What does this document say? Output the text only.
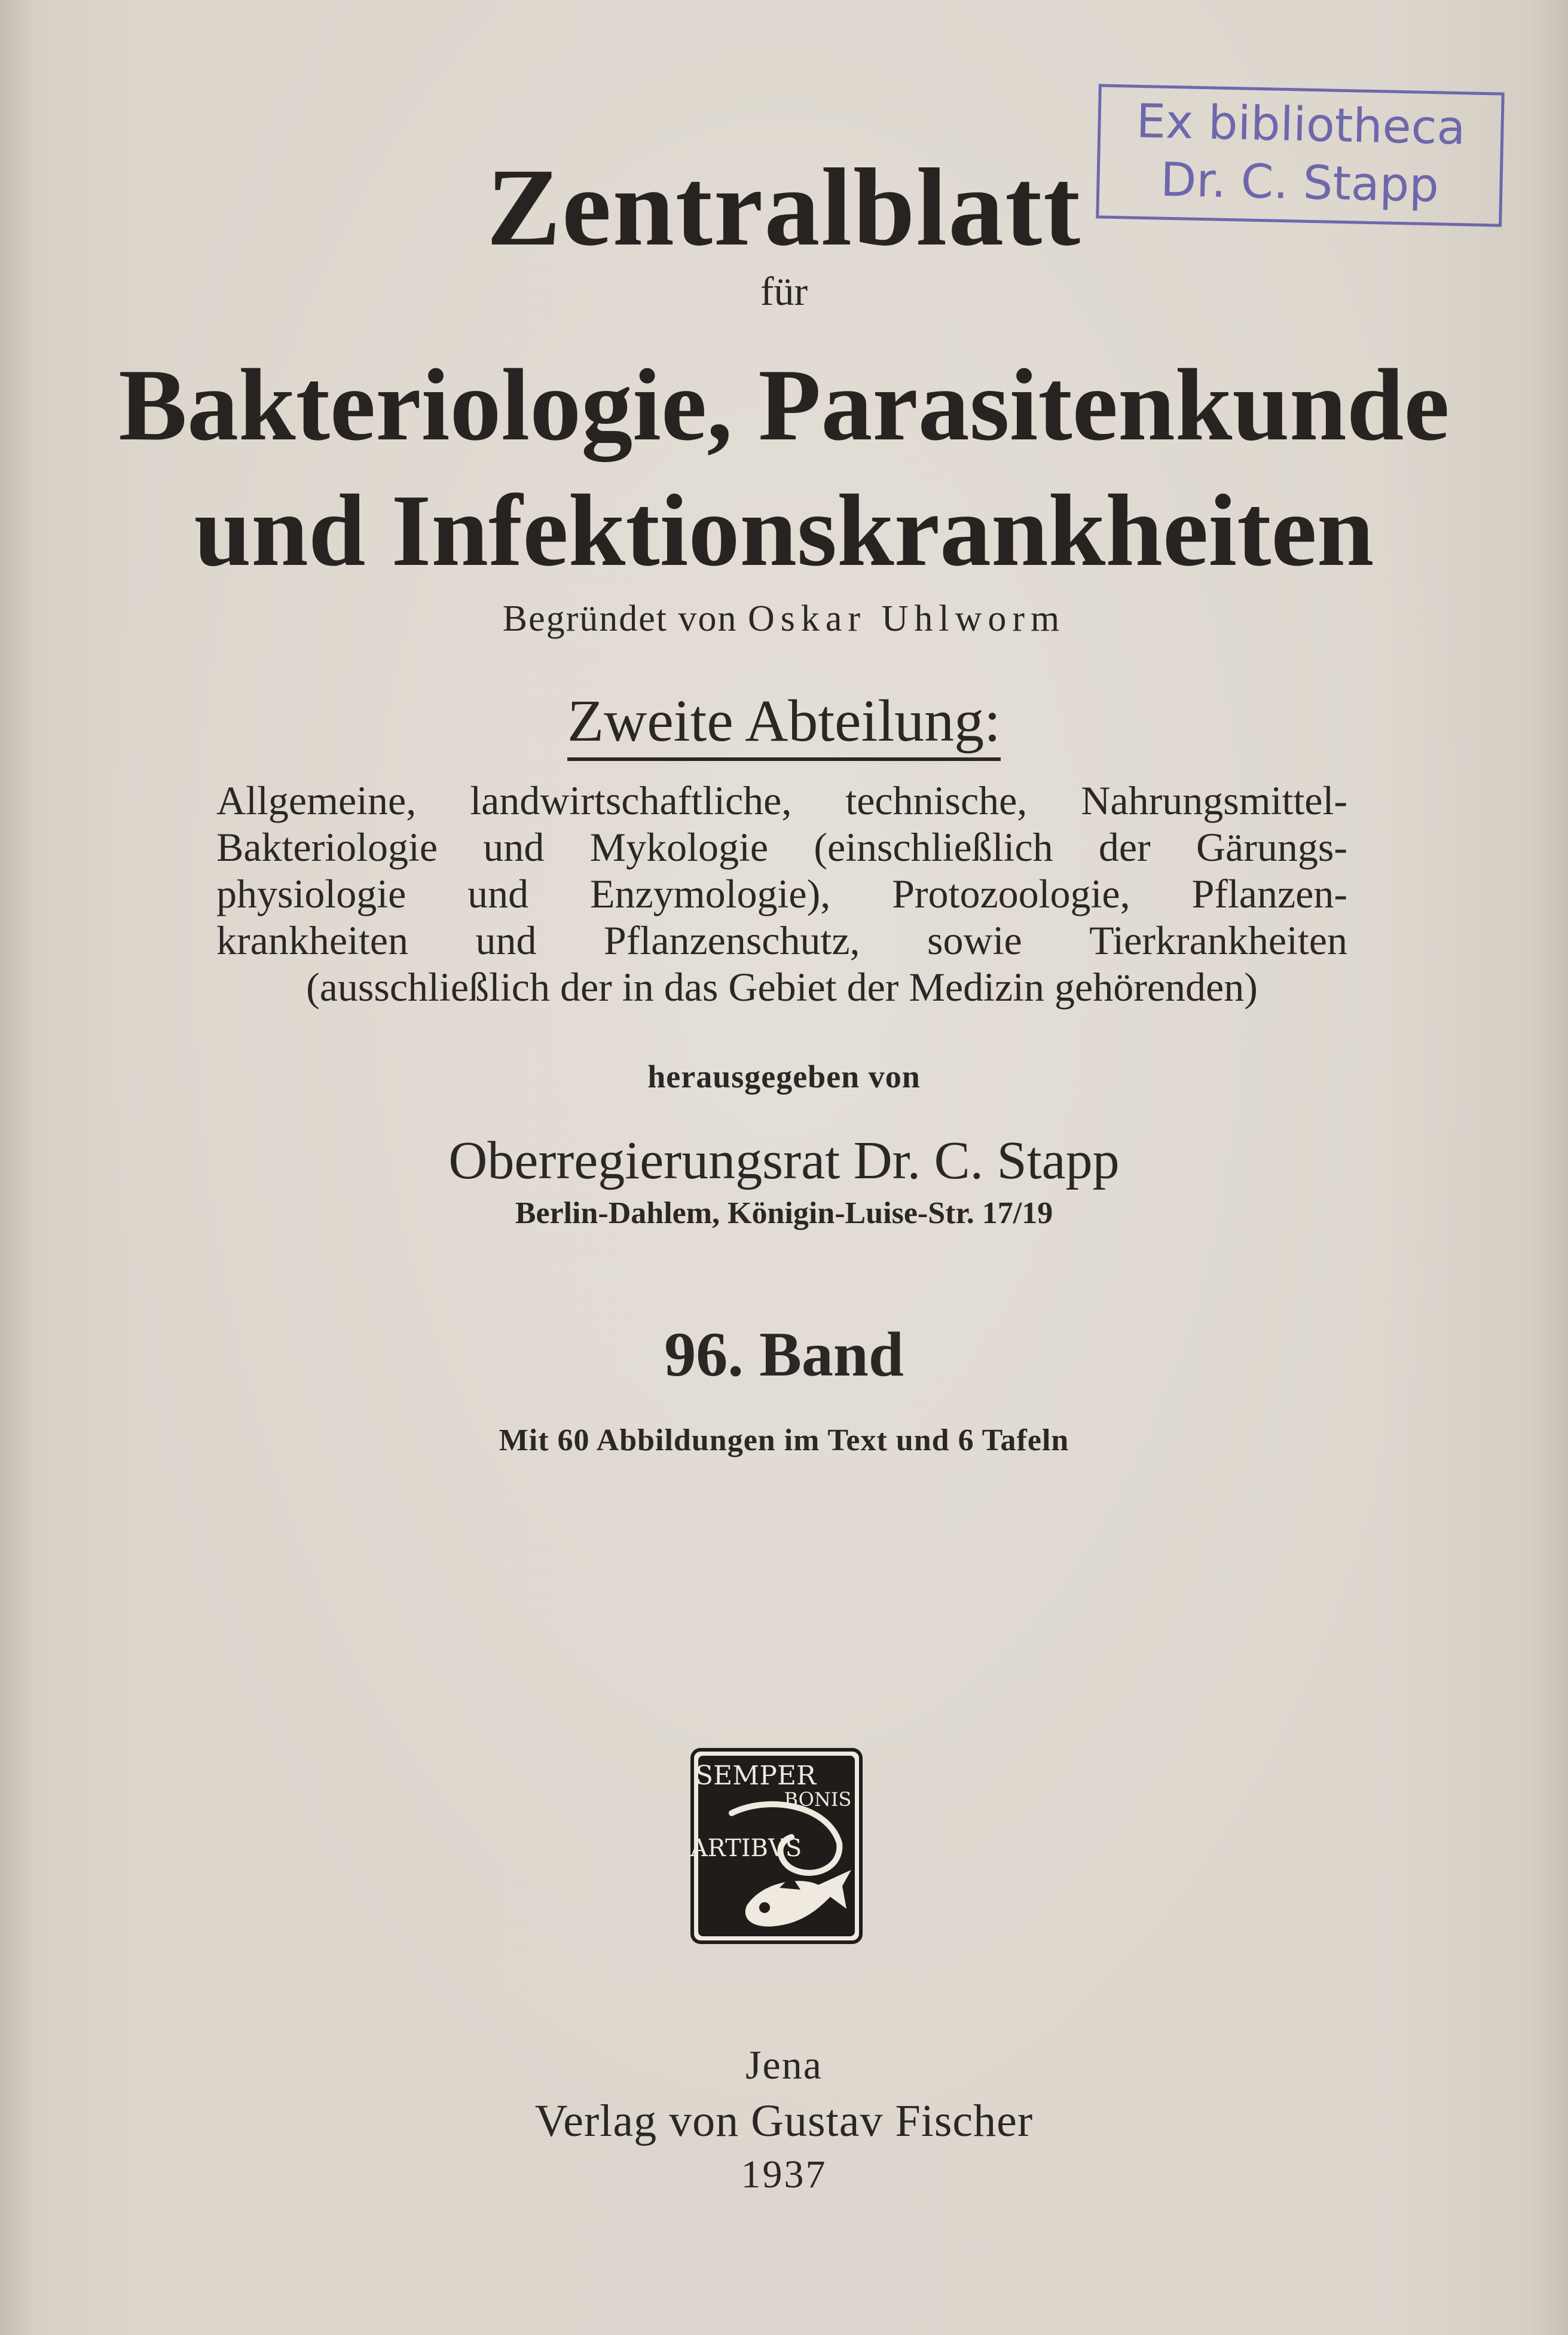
Ex bibliotheca
Dr. C. Stapp
Zentralblatt
für
Bakteriologie, Parasitenkunde
und Infektionskrankheiten
Begründet von Oskar Uhlworm
Zweite Abteilung:
Allgemeine, landwirtschaftliche, technische, Nahrungsmittel-
Bakteriologie und Mykologie (einschließlich der Gärungs-
physiologie und Enzymologie), Protozoologie, Pflanzen-
krankheiten und Pflanzenschutz, sowie Tierkrankheiten
(ausschließlich der in das Gebiet der Medizin gehörenden)
herausgegeben von
Oberregierungsrat Dr. C. Stapp
Berlin-Dahlem, Königin-Luise-Str. 17/19
96. Band
Mit 60 Abbildungen im Text und 6 Tafeln
SEMPER
BONIS
ARTIBVS
Jena
Verlag von Gustav Fischer
1937
